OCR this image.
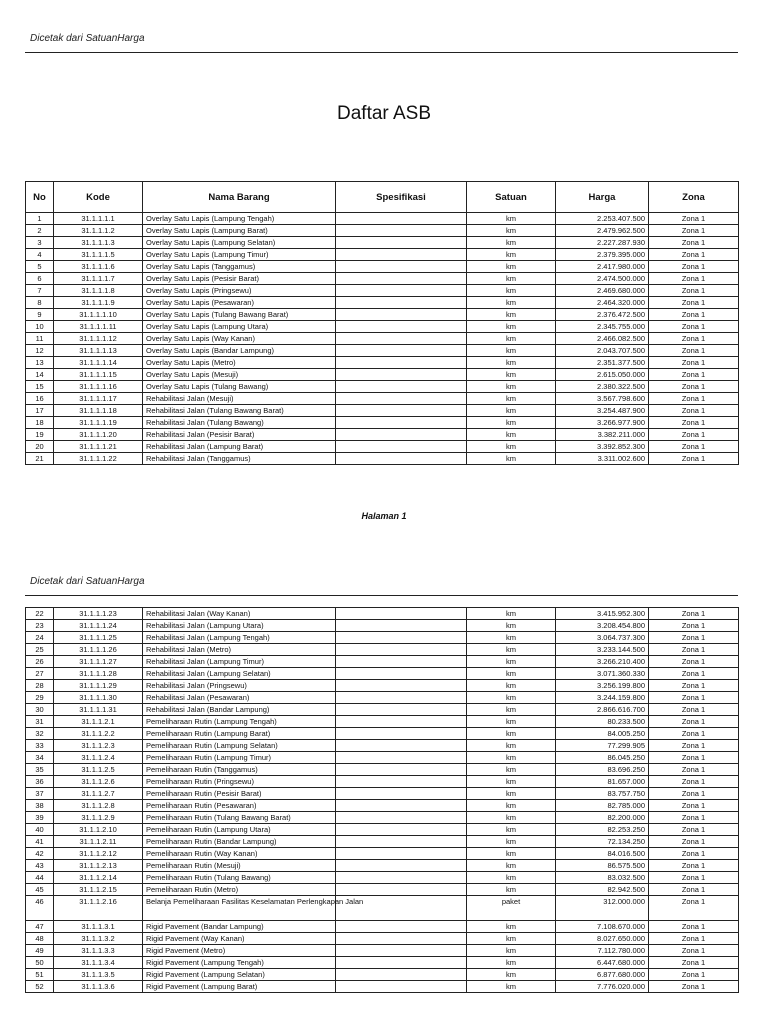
Dicetak dari SatuanHarga
Daftar ASB
No	Kode	Nama Barang	Spesifikasi	Satuan	Harga	Zona
1	31.1.1.1.1	Overlay Satu Lapis (Lampung Tengah)		km	2.253.407.500	Zona 1
2	31.1.1.1.2	Overlay Satu Lapis (Lampung Barat)		km	2.479.962.500	Zona 1
3	31.1.1.1.3	Overlay Satu Lapis (Lampung Selatan)		km	2.227.287.930	Zona 1
4	31.1.1.1.5	Overlay Satu Lapis (Lampung Timur)		km	2.379.395.000	Zona 1
5	31.1.1.1.6	Overlay Satu Lapis (Tanggamus)		km	2.417.980.000	Zona 1
6	31.1.1.1.7	Overlay Satu Lapis (Pesisir Barat)		km	2.474.500.000	Zona 1
7	31.1.1.1.8	Overlay Satu Lapis (Pringsewu)		km	2.469.680.000	Zona 1
8	31.1.1.1.9	Overlay Satu Lapis (Pesawaran)		km	2.464.320.000	Zona 1
9	31.1.1.1.10	Overlay Satu Lapis (Tulang Bawang Barat)		km	2.376.472.500	Zona 1
10	31.1.1.1.11	Overlay Satu Lapis (Lampung Utara)		km	2.345.755.000	Zona 1
11	31.1.1.1.12	Overlay Satu Lapis (Way Kanan)		km	2.466.082.500	Zona 1
12	31.1.1.1.13	Overlay Satu Lapis (Bandar Lampung)		km	2.043.707.500	Zona 1
13	31.1.1.1.14	Overlay Satu Lapis (Metro)		km	2.351.377.500	Zona 1
14	31.1.1.1.15	Overlay Satu Lapis (Mesuji)		km	2.615.050.000	Zona 1
15	31.1.1.1.16	Overlay Satu Lapis (Tulang Bawang)		km	2.380.322.500	Zona 1
16	31.1.1.1.17	Rehabilitasi Jalan (Mesuji)		km	3.567.798.600	Zona 1
17	31.1.1.1.18	Rehabilitasi Jalan (Tulang Bawang Barat)		km	3.254.487.900	Zona 1
18	31.1.1.1.19	Rehabilitasi Jalan (Tulang Bawang)		km	3.266.977.900	Zona 1
19	31.1.1.1.20	Rehabilitasi Jalan (Pesisir Barat)		km	3.382.211.000	Zona 1
20	31.1.1.1.21	Rehabilitasi Jalan (Lampung Barat)		km	3.392.852.300	Zona 1
21	31.1.1.1.22	Rehabilitasi Jalan (Tanggamus)		km	3.311.002.600	Zona 1
Halaman 1
Dicetak dari SatuanHarga
22	31.1.1.1.23	Rehabilitasi Jalan (Way Kanan)		km	3.415.952.300	Zona 1
23	31.1.1.1.24	Rehabilitasi Jalan (Lampung Utara)		km	3.208.454.800	Zona 1
24	31.1.1.1.25	Rehabilitasi Jalan (Lampung Tengah)		km	3.064.737.300	Zona 1
25	31.1.1.1.26	Rehabilitasi Jalan (Metro)		km	3.233.144.500	Zona 1
26	31.1.1.1.27	Rehabilitasi Jalan (Lampung Timur)		km	3.266.210.400	Zona 1
27	31.1.1.1.28	Rehabilitasi Jalan (Lampung Selatan)		km	3.071.360.330	Zona 1
28	31.1.1.1.29	Rehabilitasi Jalan (Pringsewu)		km	3.256.199.800	Zona 1
29	31.1.1.1.30	Rehabilitasi Jalan (Pesawaran)		km	3.244.159.800	Zona 1
30	31.1.1.1.31	Rehabilitasi Jalan (Bandar Lampung)		km	2.866.616.700	Zona 1
31	31.1.1.2.1	Pemeliharaan Rutin (Lampung Tengah)		km	80.233.500	Zona 1
32	31.1.1.2.2	Pemeliharaan Rutin (Lampung Barat)		km	84.005.250	Zona 1
33	31.1.1.2.3	Pemeliharaan Rutin (Lampung Selatan)		km	77.299.905	Zona 1
34	31.1.1.2.4	Pemeliharaan Rutin (Lampung Timur)		km	86.045.250	Zona 1
35	31.1.1.2.5	Pemeliharaan Rutin (Tanggamus)		km	83.696.250	Zona 1
36	31.1.1.2.6	Pemeliharaan Rutin (Pringsewu)		km	81.657.000	Zona 1
37	31.1.1.2.7	Pemeliharaan Rutin (Pesisir Barat)		km	83.757.750	Zona 1
38	31.1.1.2.8	Pemeliharaan Rutin (Pesawaran)		km	82.785.000	Zona 1
39	31.1.1.2.9	Pemeliharaan Rutin (Tulang Bawang Barat)		km	82.200.000	Zona 1
40	31.1.1.2.10	Pemeliharaan Rutin (Lampung Utara)		km	82.253.250	Zona 1
41	31.1.1.2.11	Pemeliharaan Rutin (Bandar Lampung)		km	72.134.250	Zona 1
42	31.1.1.2.12	Pemeliharaan Rutin (Way Kanan)		km	84.016.500	Zona 1
43	31.1.1.2.13	Pemeliharaan Rutin (Mesuji)		km	86.575.500	Zona 1
44	31.1.1.2.14	Pemeliharaan Rutin (Tulang Bawang)		km	83.032.500	Zona 1
45	31.1.1.2.15	Pemeliharaan Rutin (Metro)		km	82.942.500	Zona 1
46	31.1.1.2.16	Belanja Pemeliharaan Fasilitas Keselamatan Perlengkapan Jalan		paket	312.000.000	Zona 1
47	31.1.1.3.1	Rigid Pavement (Bandar Lampung)		km	7.108.670.000	Zona 1
48	31.1.1.3.2	Rigid Pavement (Way Kanan)		km	8.027.650.000	Zona 1
49	31.1.1.3.3	Rigid Pavement (Metro)		km	7.112.780.000	Zona 1
50	31.1.1.3.4	Rigid Pavement (Lampung Tengah)		km	6.447.680.000	Zona 1
51	31.1.1.3.5	Rigid Pavement (Lampung Selatan)		km	6.877.680.000	Zona 1
52	31.1.1.3.6	Rigid Pavement (Lampung Barat)		km	7.776.020.000	Zona 1
